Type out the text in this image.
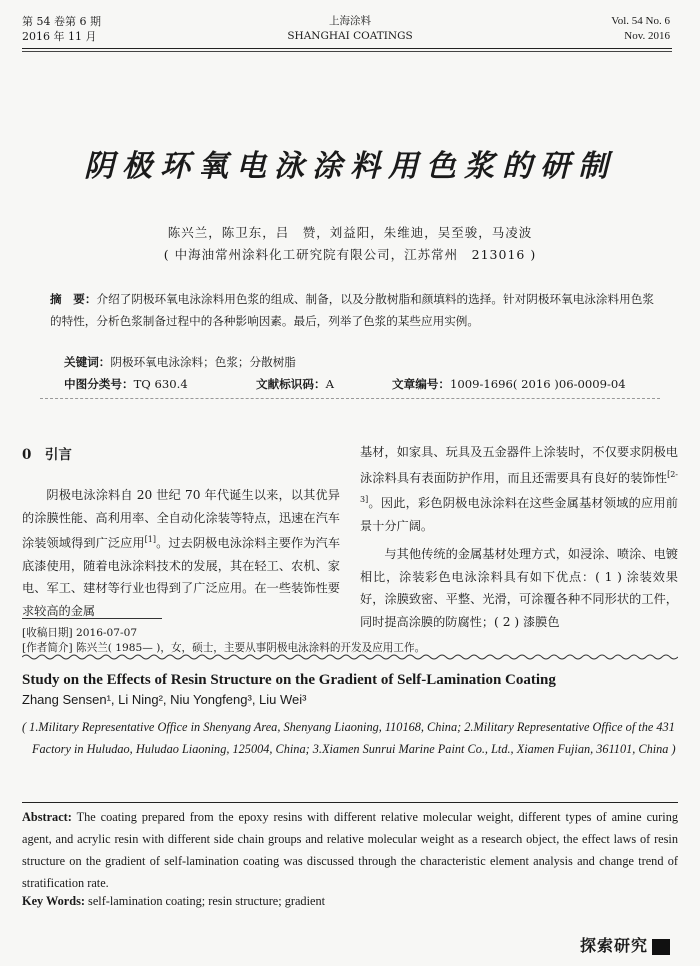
第 54 卷第 6 期
2016 年 11 月
上海涂料
SHANGHAI COATINGS
Vol. 54 No. 6
Nov. 2016
阴极环氧电泳涂料用色浆的研制
陈兴兰，陈卫东，吕　赞，刘益阳，朱维迪，吴至骏，马凌波
( 中海油常州涂料化工研究院有限公司，江苏常州　213016 )
摘　要：介绍了阴极环氧电泳涂料用色浆的组成、制备，以及分散树脂和颜填料的选择。针对阴极环氧电泳涂料用色浆的特性，分析色浆制备过程中的各种影响因素。最后，列举了色浆的某些应用实例。
关键词：阴极环氧电泳涂料；色浆；分散树脂
中图分类号：TQ 630.4	文献标识码：A	文章编号：1009-1696( 2016 )06-0009-04
0　引言

阴极电泳涂料自 20 世纪 70 年代诞生以来，以其优异的涂膜性能、高利用率、全自动化涂装等特点，迅速在汽车涂装领域得到广泛应用[1]。过去阴极电泳涂料主要作为汽车底漆使用，随着电泳涂料技术的发展，其在轻工、农机、家电、军工、建材等行业也得到了广泛应用。在一些装饰性要求较高的金属

基材，如家具、玩具及五金器件上涂装时，不仅要求阴极电泳涂料具有表面防护作用，而且还需要具有良好的装饰性[2-3]。因此，彩色阴极电泳涂料在这些金属基材领域的应用前景十分广阔。

与其他传统的金属基材处理方式，如浸涂、喷涂、电镀相比，涂装彩色电泳涂料具有如下优点：( 1 ) 涂装效果好，涂膜致密、平整、光滑，可涂覆各种不同形状的工件，同时提高涂膜的防腐性；( 2 ) 漆膜色

[收稿日期] 2016-07-07
[作者简介] 陈兴兰( 1985— )，女，硕士，主要从事阴极电泳涂料的开发及应用工作。
Study on the Effects of Resin Structure on the Gradient of Self-Lamination Coating
Zhang Sensen¹, Li Ning², Niu Yongfeng³, Liu Wei³
( 1.Military Representative Office in Shenyang Area, Shenyang Liaoning, 110168, China; 2.Military Representative Office of the 431 Factory in Huludao, Huludao Liaoning, 125004, China; 3.Xiamen Sunrui Marine Paint Co., Ltd., Xiamen Fujian, 361101, China )
Abstract: The coating prepared from the epoxy resins with different relative molecular weight, different types of amine curing agent, and acrylic resin with different side chain groups and relative molecular weight as a research object, the effect laws of resin structure on the gradient of self-lamination coating was discussed through the characteristic element analysis and change trend of stratification rate.
Key Words: self-lamination coating; resin structure; gradient
探索研究
